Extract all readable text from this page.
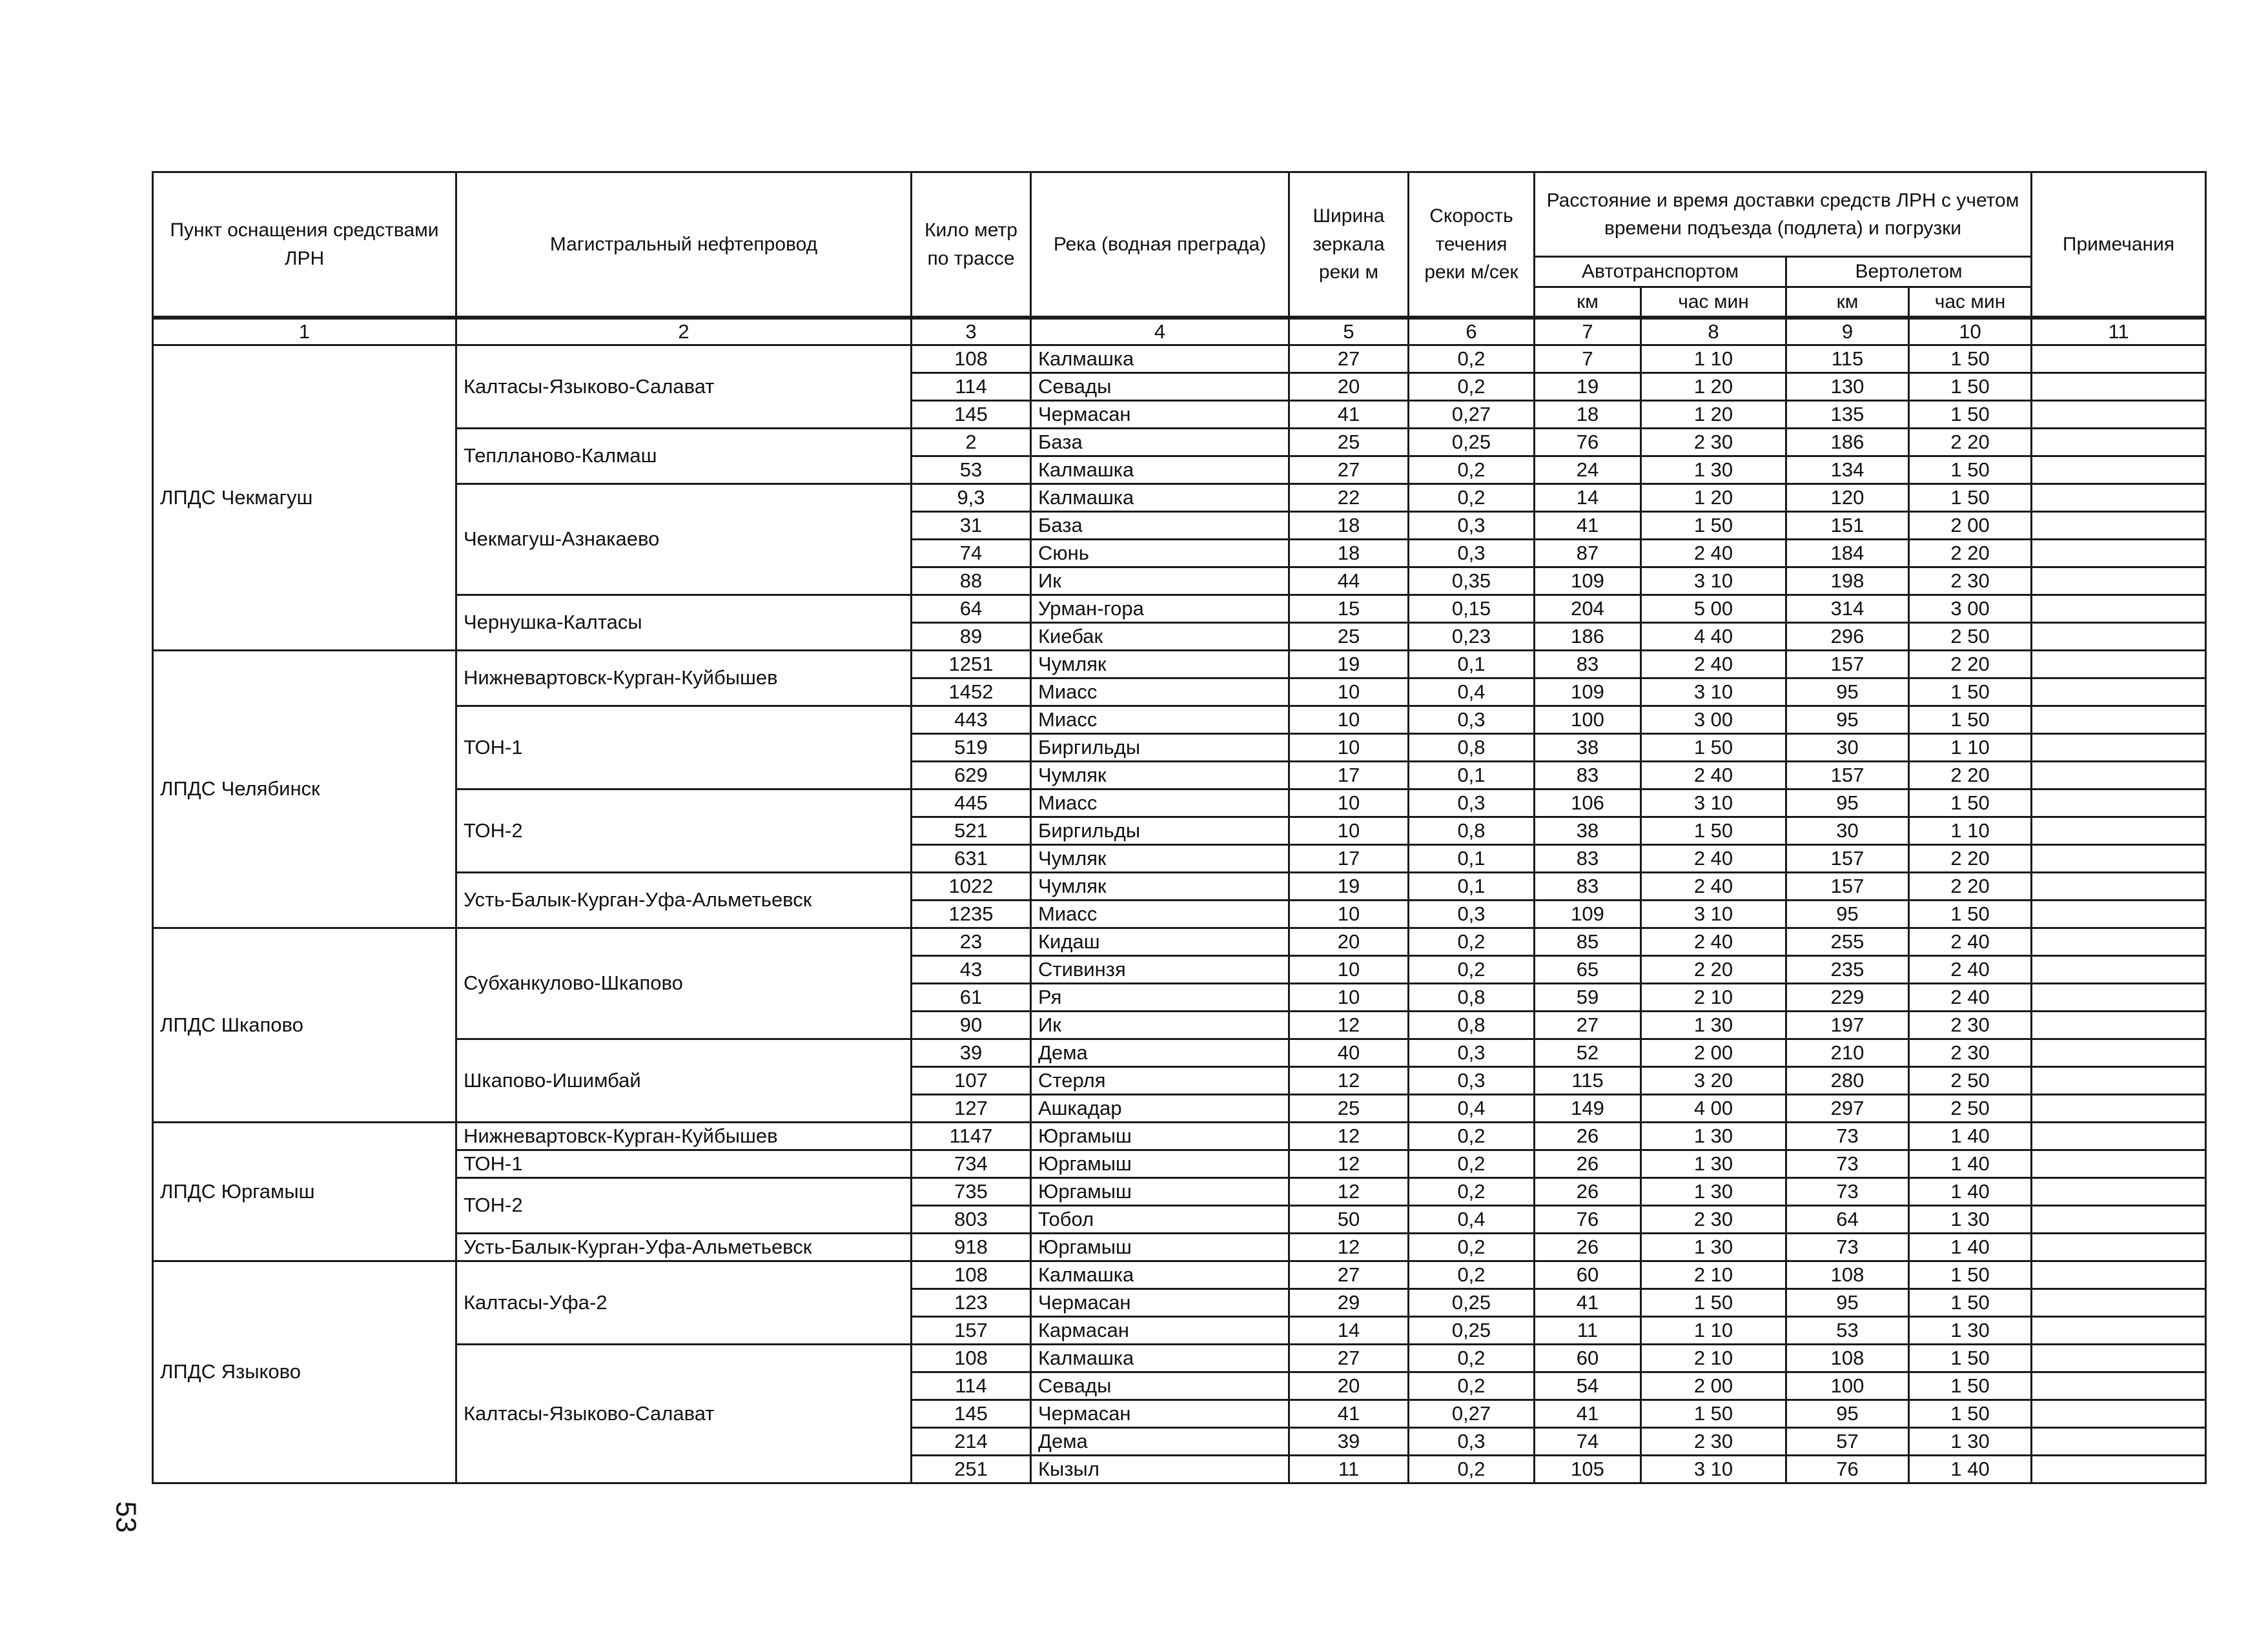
Пункт оснащения средствами ЛРН	Магистральный нефтепровод	Кило метр по трассе	Река (водная преграда)	Ширина зеркала реки м	Скорость течения реки м/сек	Расстояние и время доставки средств ЛРН с учетом времени подъезда (подлета) и погрузки				Примечания
						Автотранспортом		Вертолетом		
						км	час мин	км	час мин	
1	2	3	4	5	6	7	8	9	10	11
ЛПДС Чекмагуш	Калтасы-Языково-Салават	108	Калмашка	27	0,2	7	1 10	115	1 50	
		114	Севады	20	0,2	19	1 20	130	1 50	
		145	Чермасан	41	0,27	18	1 20	135	1 50	
	Теплланово-Калмаш	2	База	25	0,25	76	2 30	186	2 20	
		53	Калмашка	27	0,2	24	1 30	134	1 50	
	Чекмагуш-Азнакаево	9,3	Калмашка	22	0,2	14	1 20	120	1 50	
		31	База	18	0,3	41	1 50	151	2 00	
		74	Сюнь	18	0,3	87	2 40	184	2 20	
		88	Ик	44	0,35	109	3 10	198	2 30	
	Чернушка-Калтасы	64	Урман-гора	15	0,15	204	5 00	314	3 00	
		89	Киебак	25	0,23	186	4 40	296	2 50	
ЛПДС Челябинск	Нижневартовск-Курган-Куйбышев	1251	Чумляк	19	0,1	83	2 40	157	2 20	
		1452	Миасс	10	0,4	109	3 10	95	1 50	
	ТОН-1	443	Миасс	10	0,3	100	3 00	95	1 50	
		519	Биргильды	10	0,8	38	1 50	30	1 10	
		629	Чумляк	17	0,1	83	2 40	157	2 20	
	ТОН-2	445	Миасс	10	0,3	106	3 10	95	1 50	
		521	Биргильды	10	0,8	38	1 50	30	1 10	
		631	Чумляк	17	0,1	83	2 40	157	2 20	
	Усть-Балык-Курган-Уфа-Альметьевск	1022	Чумляк	19	0,1	83	2 40	157	2 20	
		1235	Миасс	10	0,3	109	3 10	95	1 50	
ЛПДС Шкапово	Субханкулово-Шкапово	23	Кидаш	20	0,2	85	2 40	255	2 40	
		43	Стивинзя	10	0,2	65	2 20	235	2 40	
		61	Ря	10	0,8	59	2 10	229	2 40	
		90	Ик	12	0,8	27	1 30	197	2 30	
	Шкапово-Ишимбай	39	Дема	40	0,3	52	2 00	210	2 30	
		107	Стерля	12	0,3	115	3 20	280	2 50	
		127	Ашкадар	25	0,4	149	4 00	297	2 50	
ЛПДС Юргамыш	Нижневартовск-Курган-Куйбышев	1147	Юргамыш	12	0,2	26	1 30	73	1 40	
	ТОН-1	734	Юргамыш	12	0,2	26	1 30	73	1 40	
	ТОН-2	735	Юргамыш	12	0,2	26	1 30	73	1 40	
		803	Тобол	50	0,4	76	2 30	64	1 30	
	Усть-Балык-Курган-Уфа-Альметьевск	918	Юргамыш	12	0,2	26	1 30	73	1 40	
ЛПДС Языково	Калтасы-Уфа-2	108	Калмашка	27	0,2	60	2 10	108	1 50	
		123	Чермасан	29	0,25	41	1 50	95	1 50	
		157	Кармасан	14	0,25	11	1 10	53	1 30	
	Калтасы-Языково-Салават	108	Калмашка	27	0,2	60	2 10	108	1 50	
		114	Севады	20	0,2	54	2 00	100	1 50	
		145	Чермасан	41	0,27	41	1 50	95	1 50	
		214	Дема	39	0,3	74	2 30	57	1 30	
		251	Кызыл	11	0,2	105	3 10	76	1 40	
53
